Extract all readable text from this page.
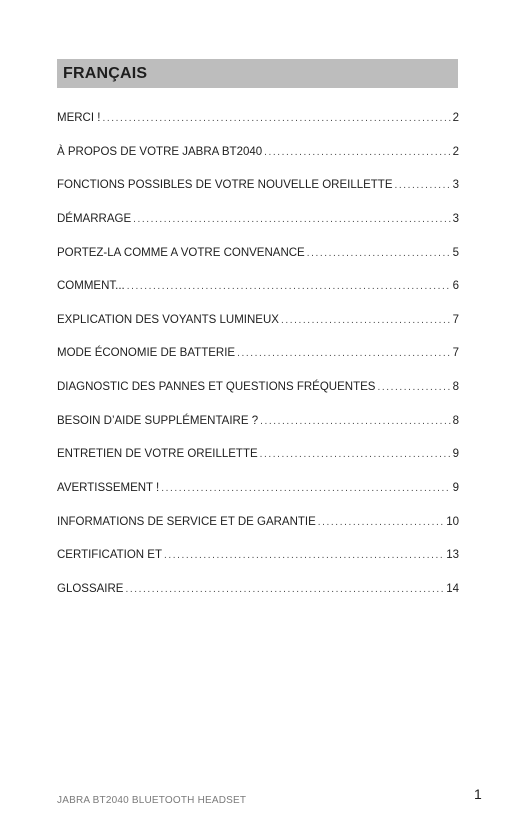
FRANÇAIS
MERCI ! .....	2
À PROPOS DE VOTRE JABRA BT2040 .....	2
FONCTIONS POSSIBLES DE VOTRE NOUVELLE OREILLETTE .....	3
DÉMARRAGE .....	3
PORTEZ-LA COMME A VOTRE CONVENANCE .....	5
COMMENT... .....	6
EXPLICATION DES VOYANTS LUMINEUX .....	7
MODE ÉCONOMIE DE BATTERIE .....	7
DIAGNOSTIC DES PANNES ET QUESTIONS FRÉQUENTES .....	8
BESOIN D’AIDE SUPPLÉMENTAIRE ? .....	8
ENTRETIEN DE VOTRE OREILLETTE .....	9
AVERTISSEMENT ! .....	9
INFORMATIONS DE SERVICE ET DE GARANTIE .....	10
CERTIFICATION ET .....	13
GLOSSAIRE .....	14
JABRA BT2040 BLUETOOTH HEADSET	1
